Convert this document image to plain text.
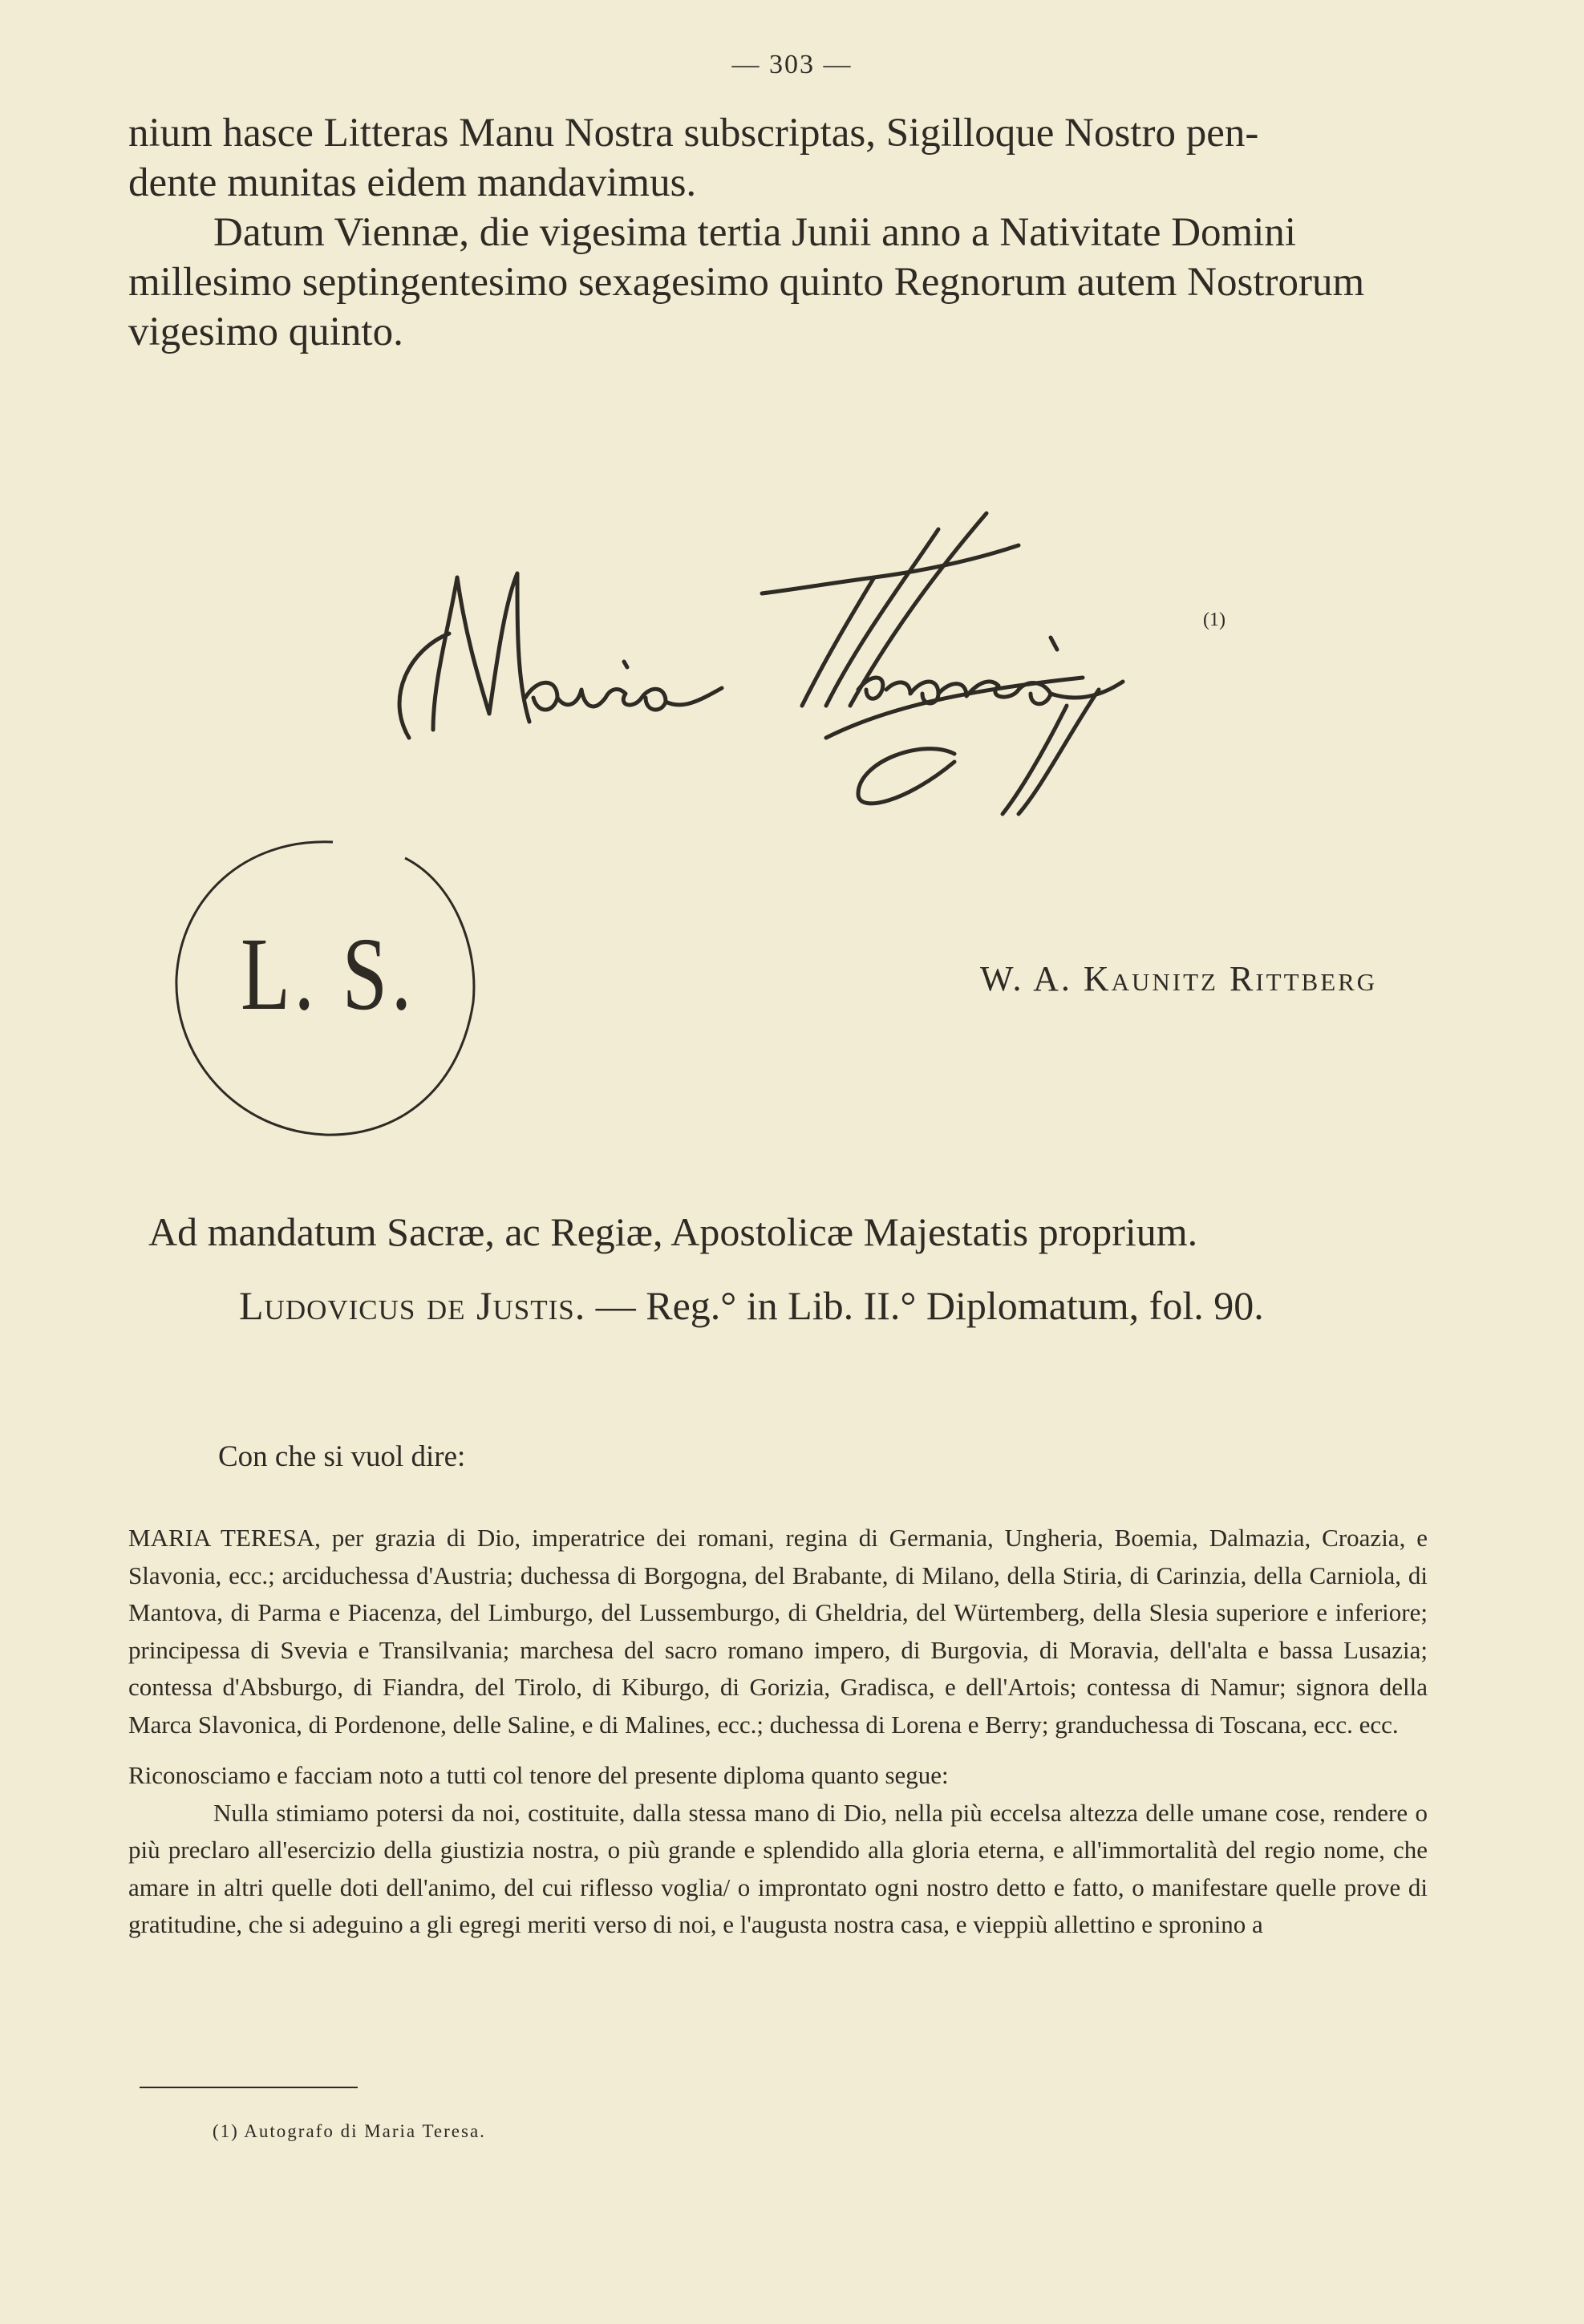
— 303 —

nium hasce Litteras Manu Nostra subscriptas, Sigilloque Nostro pen-

dente munitas eidem mandavimus.

Datum Viennæ, die vigesima tertia Junii anno a Nativitate Domini millesimo septingentesimo sexagesimo quinto Regnorum autem Nostrorum vigesimo quinto.

(1)
L. S.	W. A. Kaunitz Rittberg
Ad mandatum Sacræ, ac Regiæ, Apostolicæ Majestatis proprium.
Ludovicus de Justis. — Reg.° in Lib. II.° Diplomatum, fol. 90.
Con che si vuol dire:

MARIA TERESA, per grazia di Dio, imperatrice dei romani, regina di Germania, Ungheria, Boemia, Dalmazia, Croazia, e Slavonia, ecc.; arciduchessa d'Austria; duchessa di Borgogna, del Brabante, di Milano, della Stiria, di Carinzia, della Carniola, di Mantova, di Parma e Piacenza, del Limburgo, del Lussemburgo, di Gheldria, del Würtemberg, della Slesia superiore e inferiore; principessa di Svevia e Transilvania; marchesa del sacro romano impero, di Burgovia, di Moravia, dell'alta e bassa Lusazia; contessa d'Absburgo, di Fiandra, del Tirolo, di Kiburgo, di Gorizia, Gradisca, e dell'Artois; contessa di Namur; signora della Marca Slavonica, di Pordenone, delle Saline, e di Malines, ecc.; duchessa di Lorena e Berry; granduchessa di Toscana, ecc. ecc.

Riconosciamo e facciam noto a tutti col tenore del presente diploma quanto segue:

Nulla stimiamo potersi da noi, costituite, dalla stessa mano di Dio, nella più eccelsa altezza delle umane cose, rendere o più preclaro all'esercizio della giustizia nostra, o più grande e splendido alla gloria eterna, e all'immortalità del regio nome, che amare in altri quelle doti dell'animo, del cui riflesso voglia/ o improntato ogni nostro detto e fatto, o manifestare quelle prove di gratitudine, che si adeguino a gli egregi meriti verso di noi, e l'augusta nostra casa, e vieppiù allettino e spronino a

(1) Autografo di Maria Teresa.
